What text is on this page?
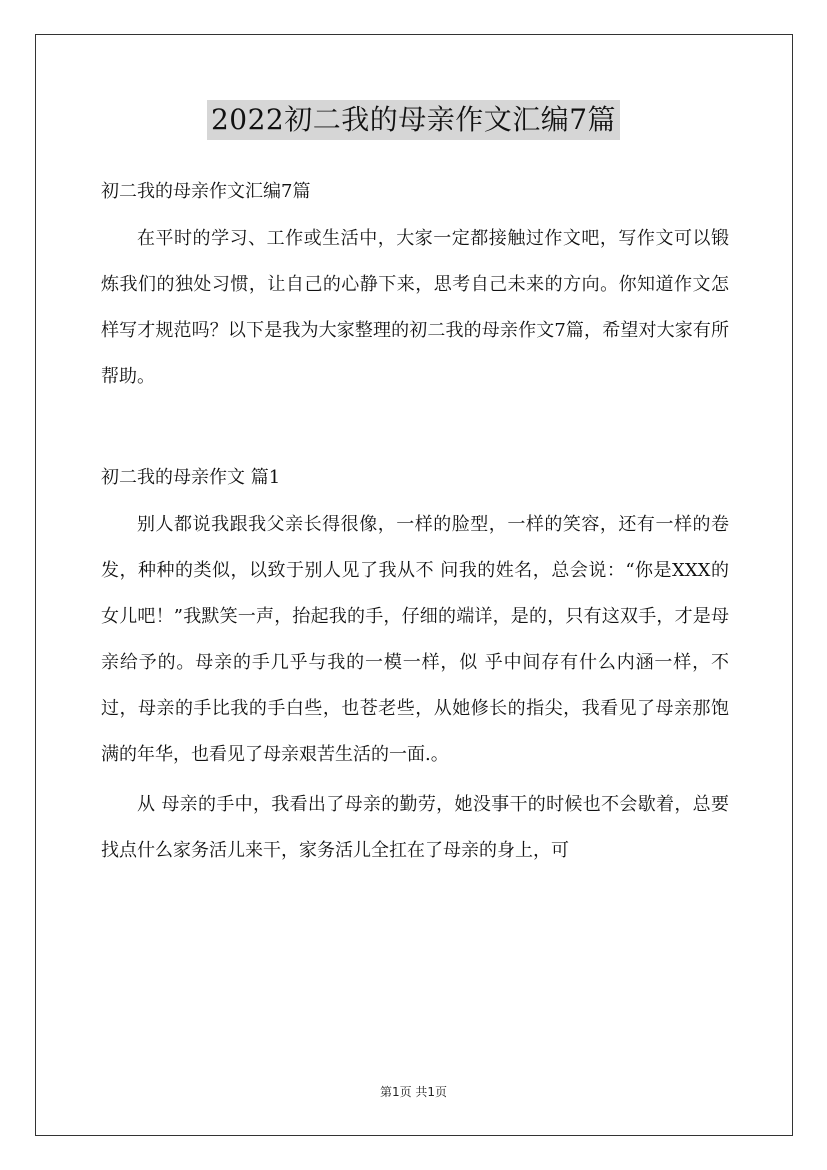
2022初二我的母亲作文汇编7篇
初二我的母亲作文汇编7篇

在平时的学习、工作或生活中，大家一定都接触过作文吧，写作文可以锻炼我们的独处习惯，让自己的心静下来，思考自己未来的方向。你知道作文怎样写才规范吗？以下是我为大家整理的初二我的母亲作文7篇，希望对大家有所帮助。

初二我的母亲作文 篇1

别人都说我跟我父亲长得很像，一样的脸型，一样的笑容，还有一样的卷发，种种的类似，以致于别人见了我从不 问我的姓名，总会说：“你是XXX的女儿吧！”我默笑一声，抬起我的手，仔细的端详，是的，只有这双手，才是母亲给予的。母亲的手几乎与我的一模一样，似 乎中间存有什么内涵一样，不过，母亲的手比我的手白些，也苍老些，从她修长的指尖，我看见了母亲那饱满的年华，也看见了母亲艰苦生活的一面.。

从 母亲的手中，我看出了母亲的勤劳，她没事干的时候也不会歇着，总要找点什么家务活儿来干，家务活儿全扛在了母亲的身上，可

第1页 共1页
